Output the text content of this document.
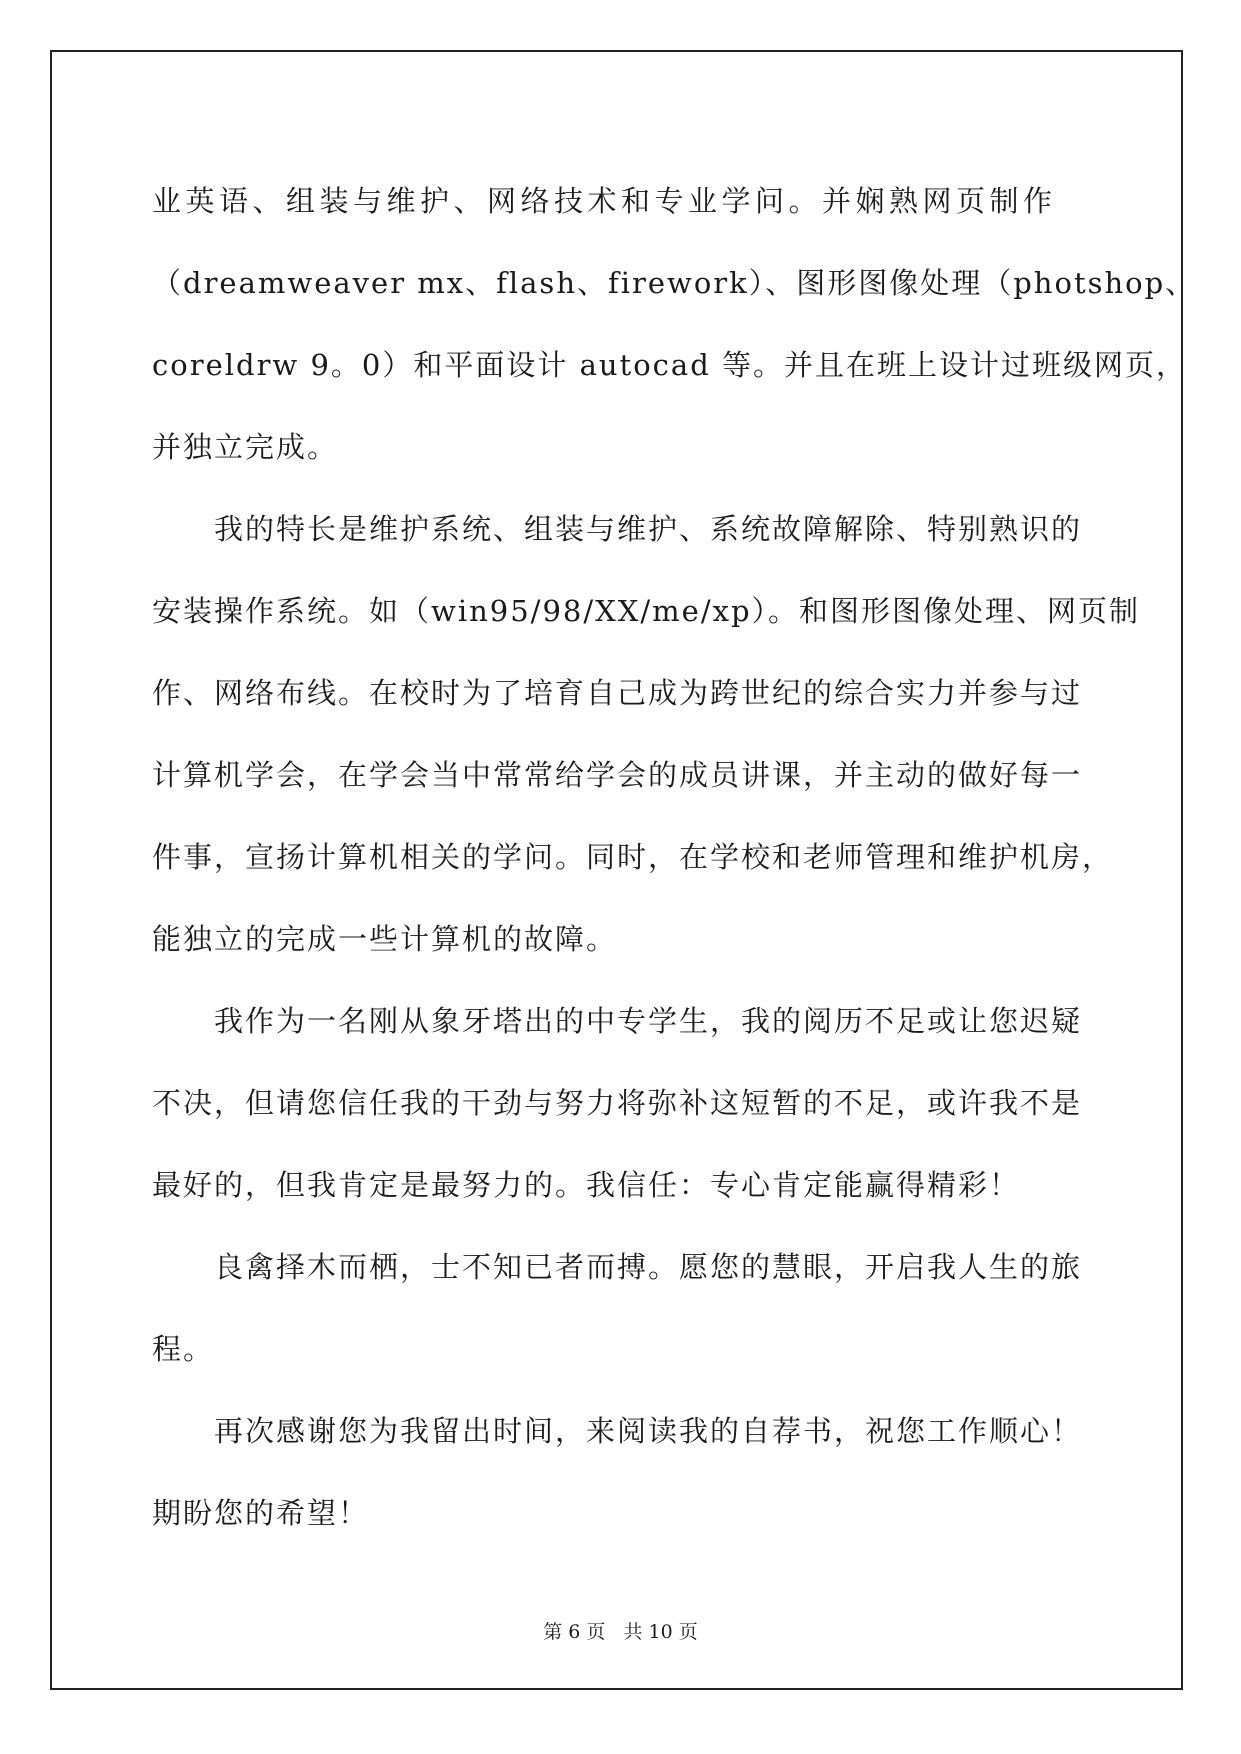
业英语、组装与维护、网络技术和专业学问。并娴熟网页制作
（dreamweaver mx、flash、firework）、图形图像处理（photshop、
coreldrw 9。0）和平面设计 autocad 等。并且在班上设计过班级网页，
并独立完成。
我的特长是维护系统、组装与维护、系统故障解除、特别熟识的
安装操作系统。如（win95/98/XX/me/xp）。和图形图像处理、网页制
作、网络布线。在校时为了培育自己成为跨世纪的综合实力并参与过
计算机学会，在学会当中常常给学会的成员讲课，并主动的做好每一
件事，宣扬计算机相关的学问。同时，在学校和老师管理和维护机房，
能独立的完成一些计算机的故障。
我作为一名刚从象牙塔出的中专学生，我的阅历不足或让您迟疑
不决，但请您信任我的干劲与努力将弥补这短暂的不足，或许我不是
最好的，但我肯定是最努力的。我信任：专心肯定能赢得精彩！
良禽择木而栖，士不知已者而搏。愿您的慧眼，开启我人生的旅
程。
再次感谢您为我留出时间，来阅读我的自荐书，祝您工作顺心！
期盼您的希望！
第 6 页   共 10 页
